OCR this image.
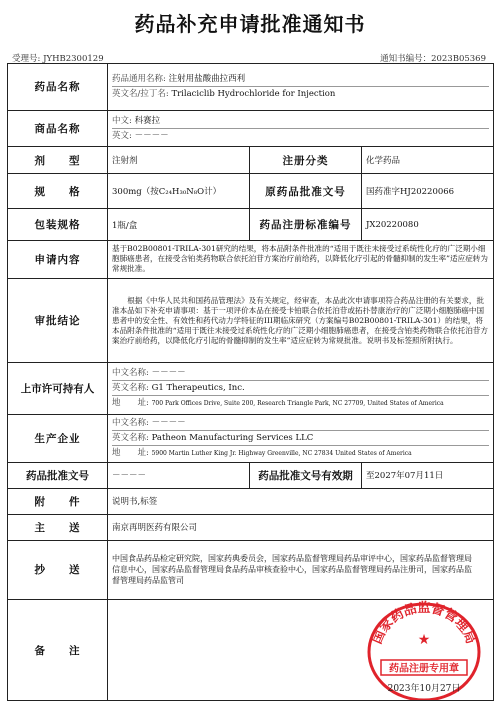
药品补充申请批准通知书
受理号: JYHB2300129	通知书编号：2023B05369
药品名称	药品通用名称: 注射用盐酸曲拉西利
英文名/拉丁名: Trilaciclib Hydrochloride for Injection		

商品名称	中文: 科赛拉
英文: －－－－		

剂　　型	注射剂	注册分类	化学药品
规　　格	300mg（按C₂₄H₃₀N₈O计）	原药品批准文号	国药准字HJ20220066
包装规格	1瓶/盒	药品注册标准编号	JX20220080
申请内容	基于B02B00801-TRILA-301研究的结果，将本品附条件批准的“适用于既往未接受过系统性化疗的广泛期小细胞肺癌患者，在接受含铂类药物联合依托泊苷方案治疗前给药，以降低化疗引起的骨髓抑制的发生率”适应症转为常规批准。		

审批结论	根据《中华人民共和国药品管理法》及有关规定，经审查，本品此次申请事项符合药品注册的有关要求，批准本品如下补充申请事项：基于一项评价本品在接受卡铂联合依托泊苷或拓扑替康治疗的广泛期小细胞肺癌中国患者中的安全性、有效性和药代动力学特征的III期临床研究（方案编号B02B00801-TRILA-301）的结果，将本品附条件批准的“适用于既往未接受过系统性化疗的广泛期小细胞肺癌患者，在接受含铂类药物联合依托泊苷方案治疗前给药，以降低化疗引起的骨髓抑制的发生率”适应症转为常规批准。说明书及标签照所附执行。		

上市许可持有人	中文名称: －－－－
英文名称: G1 Therapeutics, Inc.
地　　址: 700 Park Offices Drive, Suite 200, Research Triangle Park, NC 27709, United States of America		

生产企业	中文名称: －－－－
英文名称: Patheon Manufacturing Services LLC
地　　址: 5900 Martin Luther King Jr. Highway Greenville, NC 27834 United States of America		

药品批准文号	－－－－	药品批准文号有效期	至2027年07月11日
附　　件	说明书,标签		
主　　送	南京再明医药有限公司		
抄　　送	中国食品药品检定研究院，国家药典委员会，国家药品监督管理局药品审评中心，国家药品监督管理局信息中心，国家药品监督管理局食品药品审核查验中心，国家药品监督管理局药品注册司，国家药品监督管理局药品监管司		

备　　注			
国家药品监督管理局
★
药品注册专用章
2023年10月27日
